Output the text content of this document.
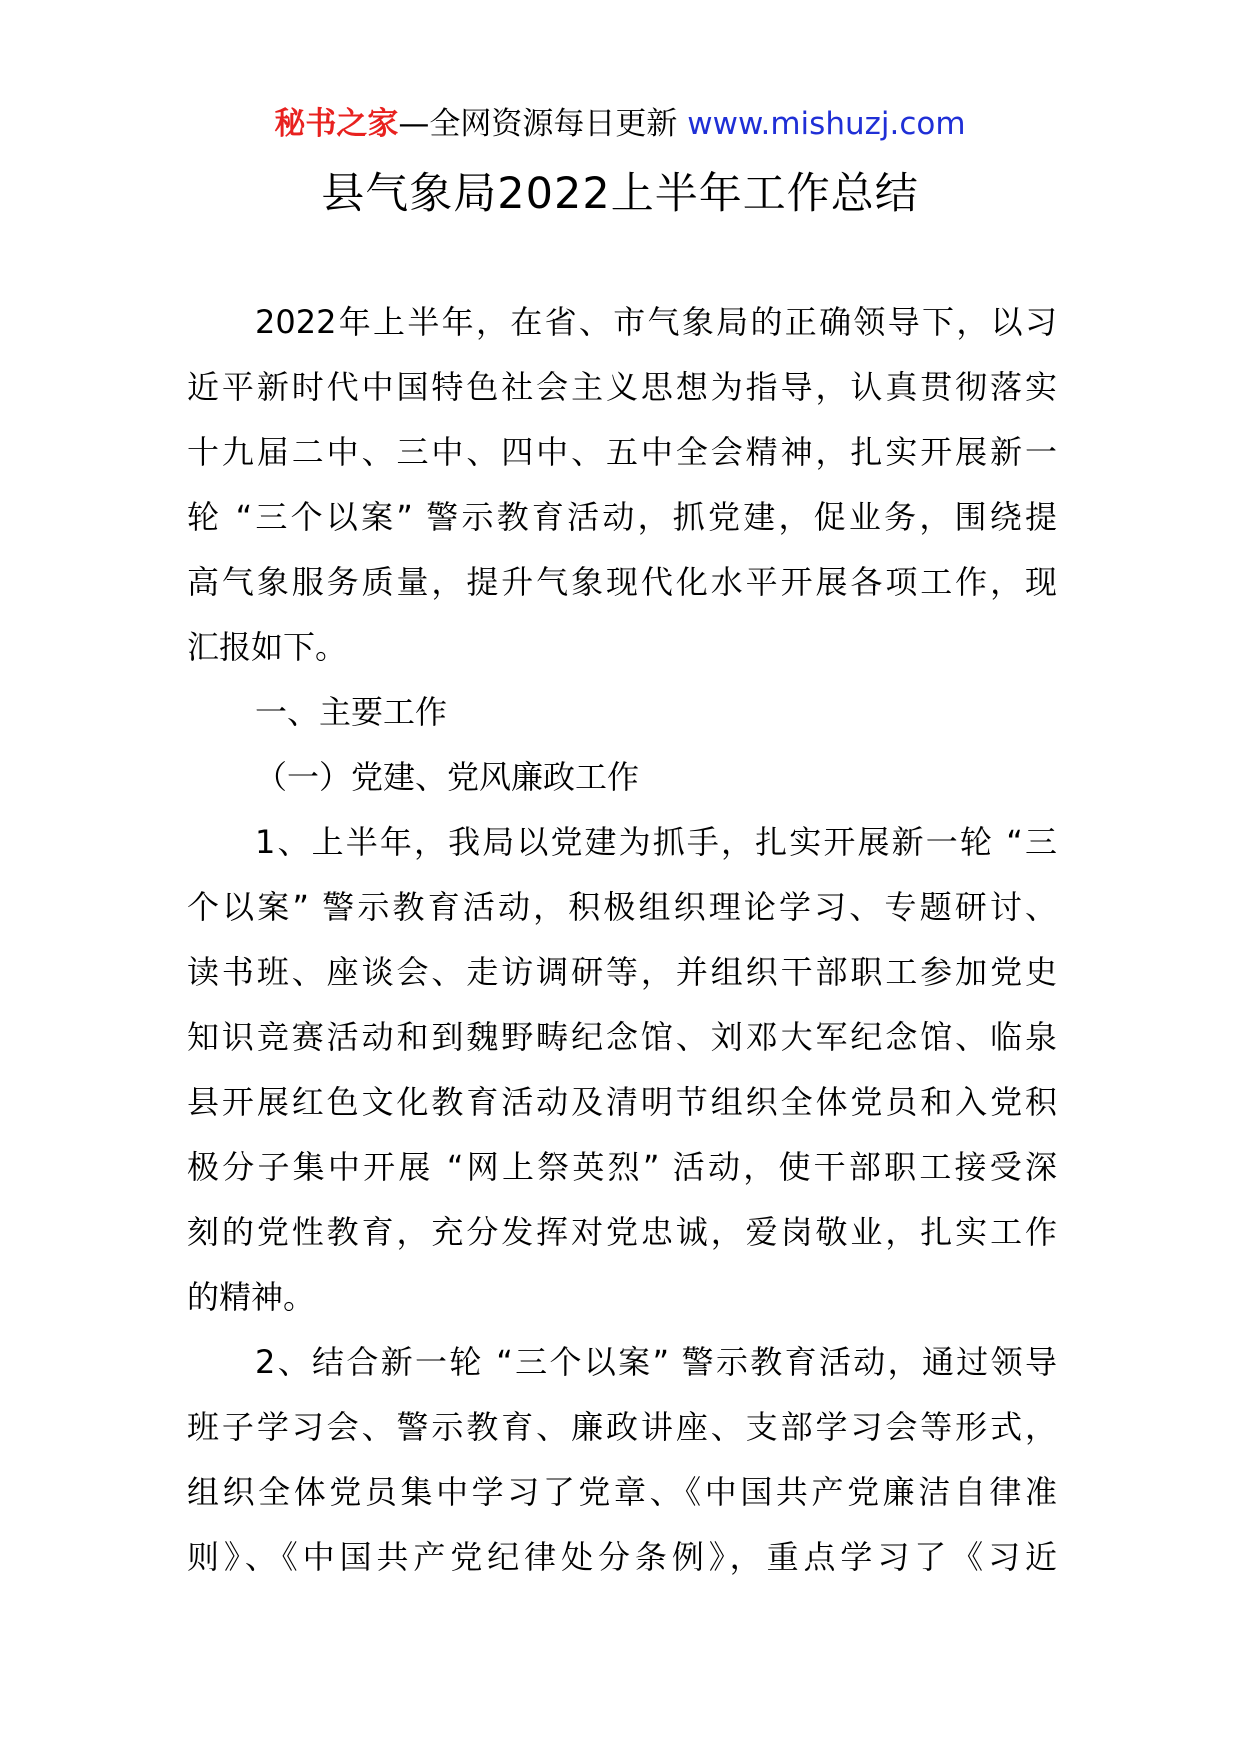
秘书之家—全网资源每日更新 www.mishuzj.com
县气象局2022上半年工作总结
2022年上半年，在省、市气象局的正确领导下，以习
近平新时代中国特色社会主义思想为指导，认真贯彻落实
十九届二中、三中、四中、五中全会精神，扎实开展新一
轮 “三个以案” 警示教育活动，抓党建，促业务，围绕提
高气象服务质量，提升气象现代化水平开展各项工作，现
汇报如下。
一、主要工作
（一）党建、党风廉政工作
1、上半年，我局以党建为抓手，扎实开展新一轮 “三
个以案” 警示教育活动，积极组织理论学习、专题研讨、
读书班、座谈会、走访调研等，并组织干部职工参加党史
知识竞赛活动和到魏野畴纪念馆、刘邓大军纪念馆、临泉
县开展红色文化教育活动及清明节组织全体党员和入党积
极分子集中开展 “网上祭英烈” 活动，使干部职工接受深
刻的党性教育，充分发挥对党忠诚，爱岗敬业，扎实工作
的精神。
2、结合新一轮 “三个以案” 警示教育活动，通过领导
班子学习会、警示教育、廉政讲座、支部学习会等形式，
组织全体党员集中学习了党章、《中国共产党廉洁自律准
则》、《中国共产党纪律处分条例》，重点学习了《习近
